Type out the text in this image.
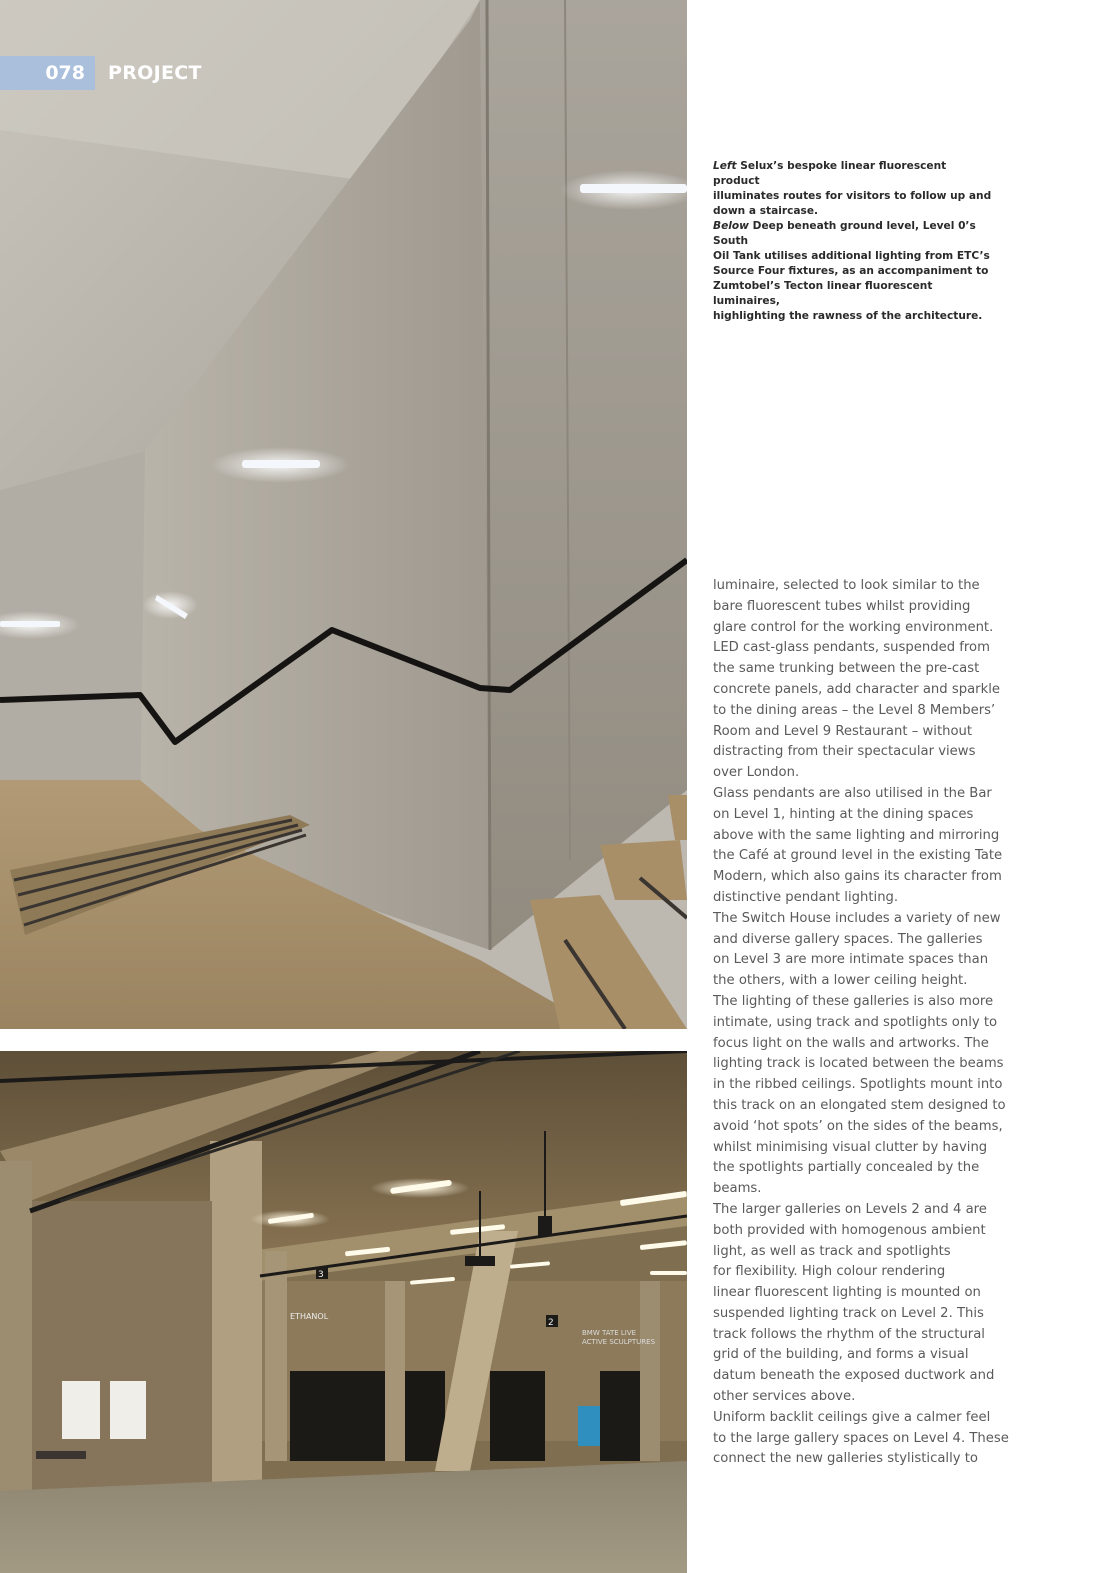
078	PROJECT
ETHANOL
3
2
BMW TATE LIVE
ACTIVE SCULPTURES

Left Selux’s bespoke linear fluorescent product
illuminates routes for visitors to follow up and
down a staircase.

Below Deep beneath ground level, Level 0’s South
Oil Tank utilises additional lighting from ETC’s
Source Four fixtures, as an accompaniment to
Zumtobel’s Tecton linear fluorescent luminaires,
highlighting the rawness of the architecture.

luminaire, selected to look similar to the
bare fluorescent tubes whilst providing
glare control for the working environment.
LED cast-glass pendants, suspended from
the same trunking between the pre-cast
concrete panels, add character and sparkle
to the dining areas – the Level 8 Members’
Room and Level 9 Restaurant – without
distracting from their spectacular views
over London.
Glass pendants are also utilised in the Bar
on Level 1, hinting at the dining spaces
above with the same lighting and mirroring
the Café at ground level in the existing Tate
Modern, which also gains its character from
distinctive pendant lighting.
The Switch House includes a variety of new
and diverse gallery spaces. The galleries
on Level 3 are more intimate spaces than
the others, with a lower ceiling height.
The lighting of these galleries is also more
intimate, using track and spotlights only to
focus light on the walls and artworks. The
lighting track is located between the beams
in the ribbed ceilings. Spotlights mount into
this track on an elongated stem designed to
avoid ‘hot spots’ on the sides of the beams,
whilst minimising visual clutter by having
the spotlights partially concealed by the
beams.
The larger galleries on Levels 2 and 4 are
both provided with homogenous ambient
light, as well as track and spotlights
for flexibility. High colour rendering
linear fluorescent lighting is mounted on
suspended lighting track on Level 2. This
track follows the rhythm of the structural
grid of the building, and forms a visual
datum beneath the exposed ductwork and
other services above.
Uniform backlit ceilings give a calmer feel
to the large gallery spaces on Level 4. These
connect the new galleries stylistically to
